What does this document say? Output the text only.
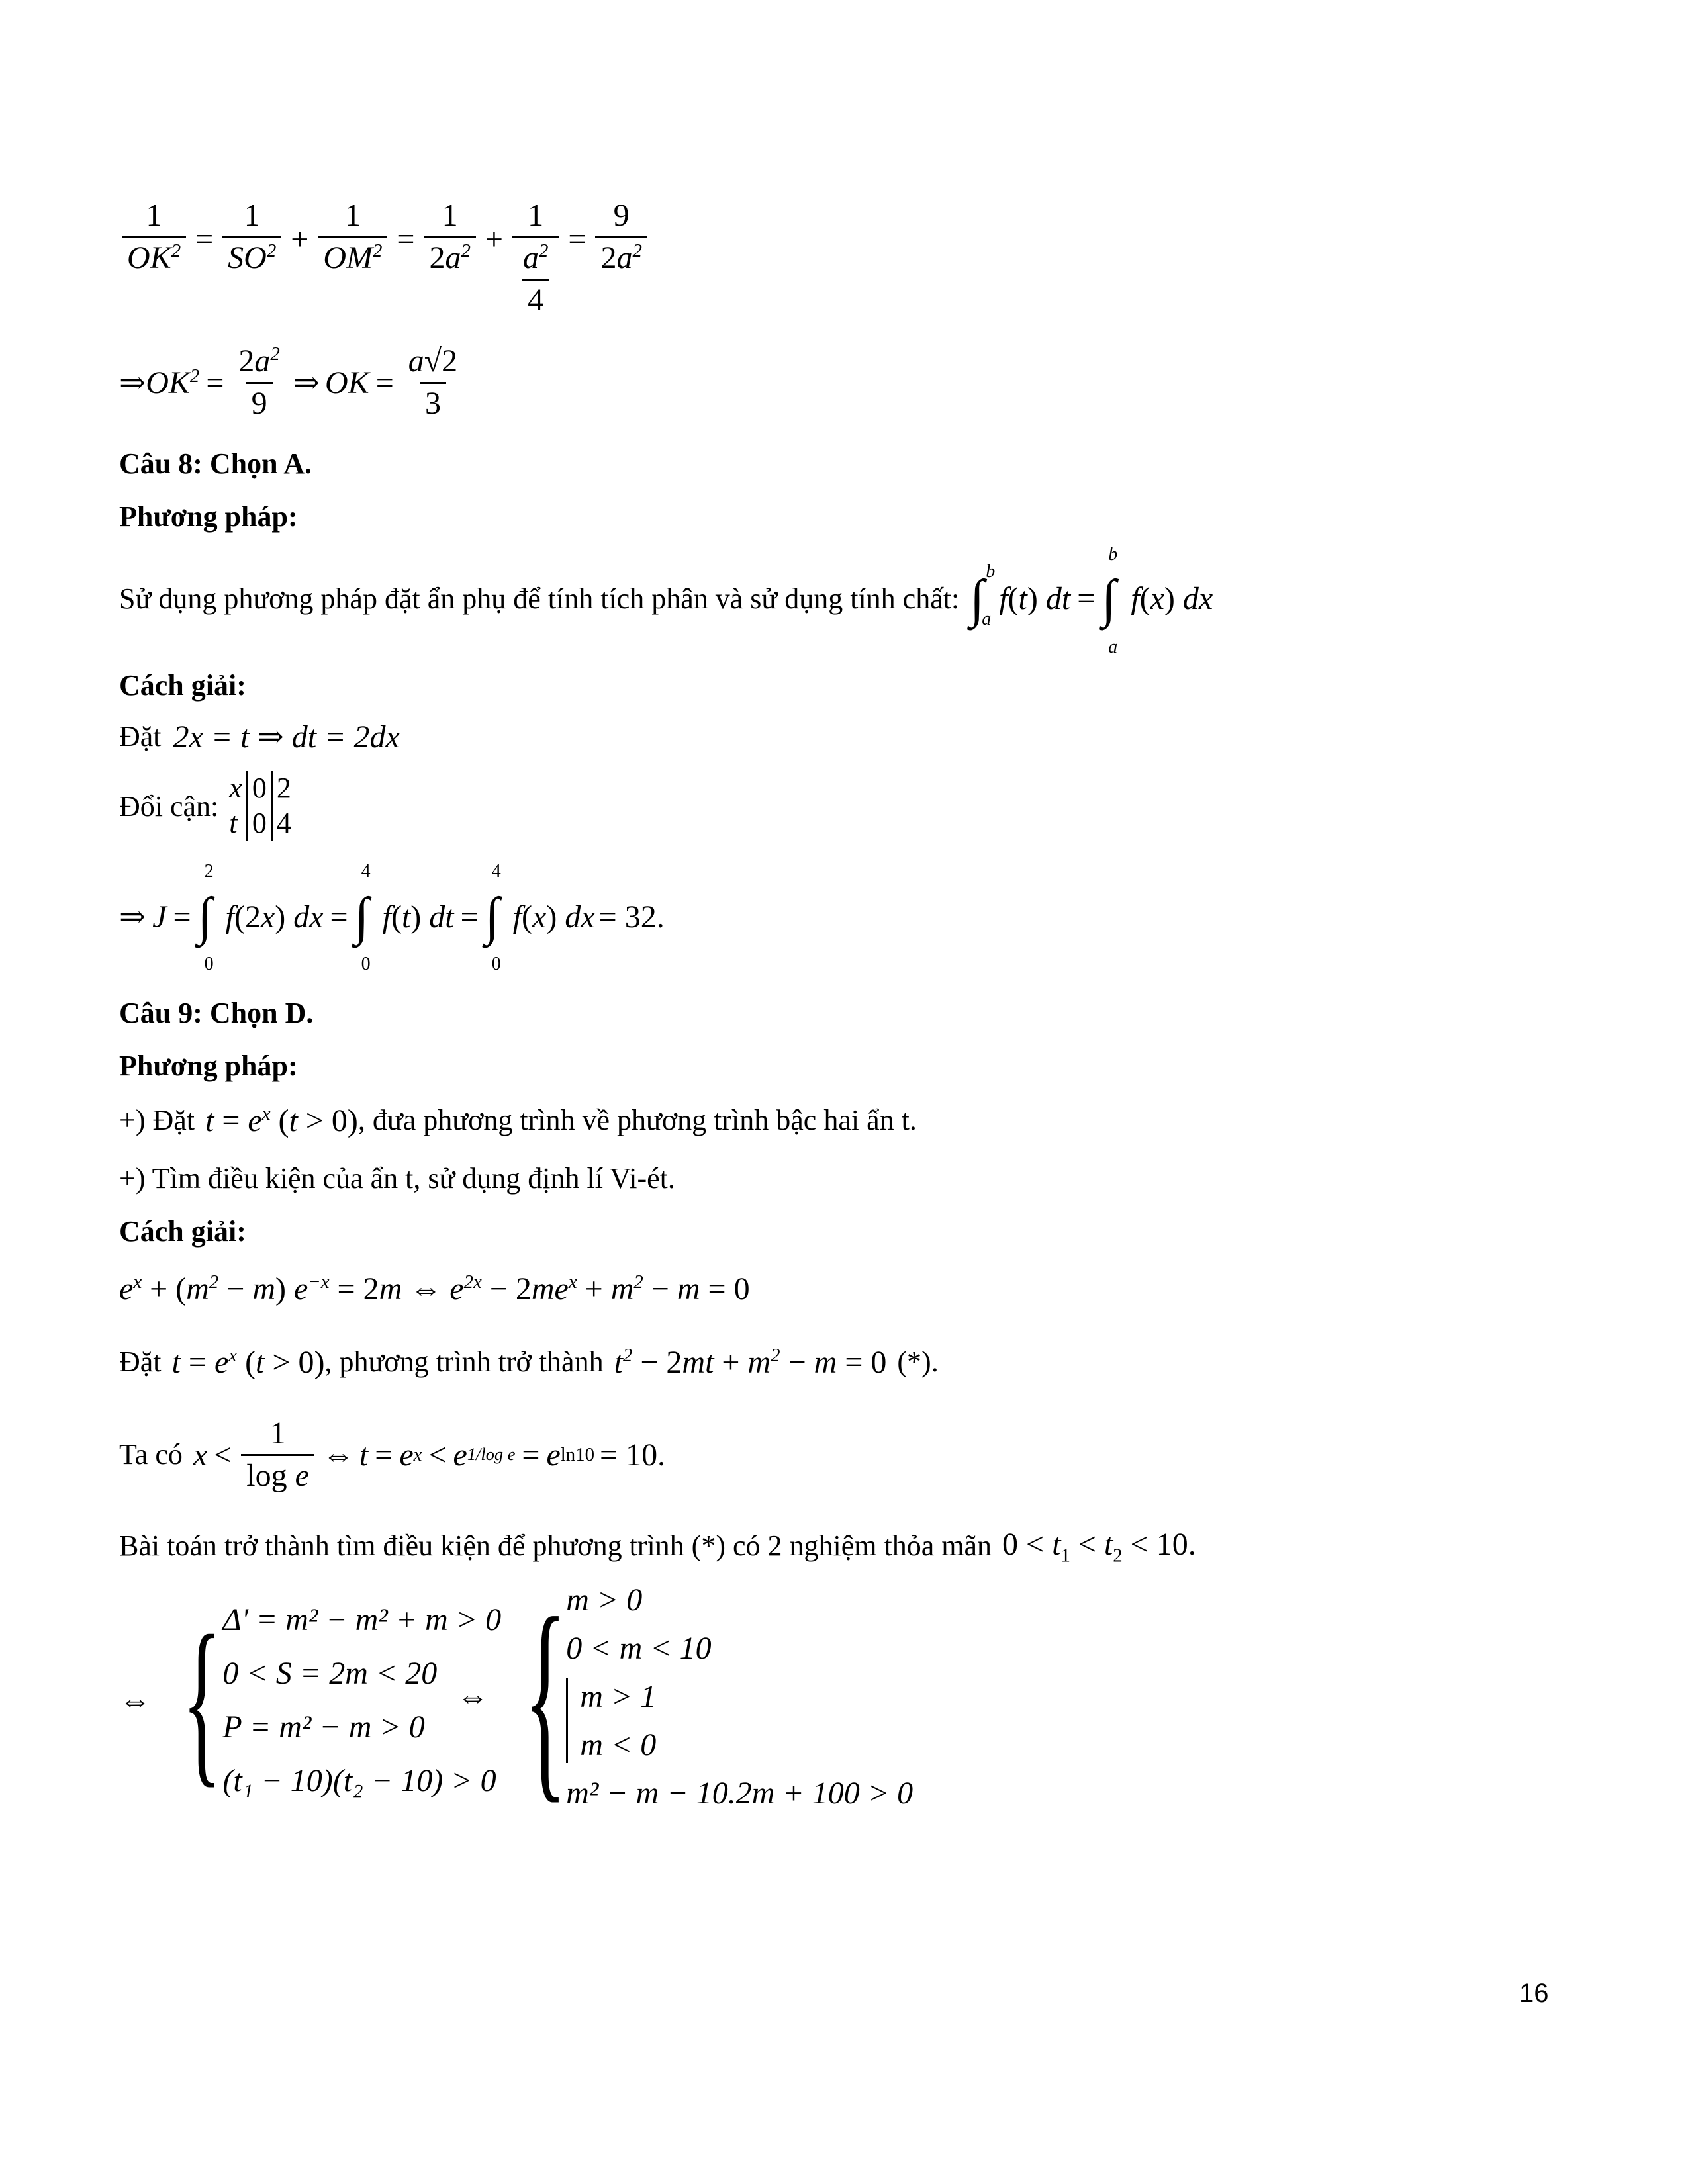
$\frac{1}{OK^2} = \frac{1}{SO^2} + \frac{1}{OM^2} = \frac{1}{2a^2} + \frac{1}{\frac{a^2}{4}} = \frac{9}{2a^2}$
⇒ $OK^2 = \frac{2a^2}{9}$ ⇒ OK = $\frac{a√2}{3}$
Câu 8: Chọn A.
Phương pháp:
Sử dụng phương pháp đặt ẩn phụ để tính tích phân và sử dụng tính chất: ∫ b
a
f ( t ) dt = ∫
b
a
f ( x ) dx
Cách giải:
Đặt 2x = t ⇒ dt = 2dx
Đổi cận:
x	0	2
t	0	4
⇒ J = ∫
2
0
f (2 x ) dx = ∫
4
0
f ( t ) dt = ∫
4
0
f ( x ) dx = 32.
Câu 9: Chọn D.
Phương pháp:
+) Đặt $t = e^x$ (t > 0) , đưa phương trình về phương trình bậc hai ẩn t.
+) Tìm điều kiện của ẩn t, sử dụng định lí Vi-ét.
Cách giải:
$e^x + (m^2 - m) e^{-x} = 2m$ ⇔ $e^{2x} - 2me^x + m^2 - m = 0$
Đặt $t = e^x$ (t > 0) , phương trình trở thành $t^2 - 2mt + m^2 - m = 0$ (*).
Ta có x <
1
log e
⇔ t = e x < e 1/log e = e ln10 = 10.
Bài toán trở thành tìm điều kiện để phương trình (*) có 2 nghiệm thỏa mãn $0 < t_1 < t_2 < 10$.
⇔ { Δ' = m² − m² + m > 0
0 < S = 2m < 20
P = m² − m > 0
(t₁ − 10)(t₂ − 10) > 0
⇔ {
m > 0
0 < m < 10
m > 1
m < 0
m² − m − 10.2m + 100 > 0
16
